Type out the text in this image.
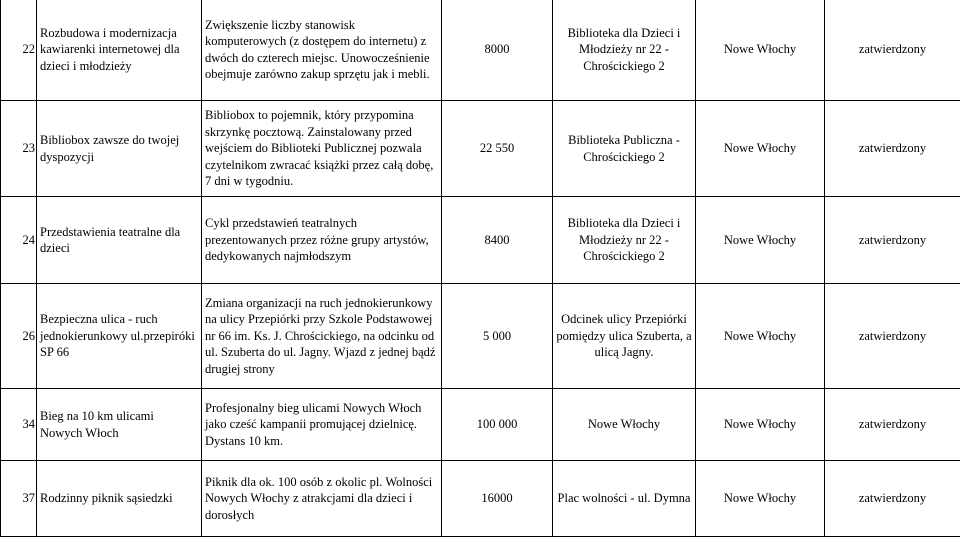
22	Rozbudowa i modernizacja kawiarenki internetowej dla dzieci i młodzieży	Zwiększenie liczby stanowisk komputerowych (z dostępem do internetu) z dwóch do czterech miejsc. Unowocześnienie obejmuje zarówno zakup sprzętu jak i mebli.	8000	Biblioteka dla Dzieci i Młodzieży nr 22 - Chrościckiego 2	Nowe Włochy	zatwierdzony
23	Bibliobox zawsze do twojej dyspozycji	Bibliobox to pojemnik, który przypomina skrzynkę pocztową. Zainstalowany przed wejściem do Biblioteki Publicznej pozwala czytelnikom zwracać książki przez całą dobę, 7 dni w tygodniu.	22 550	Biblioteka Publiczna - Chrościckiego 2	Nowe Włochy	zatwierdzony
24	Przedstawienia teatralne dla dzieci	Cykl przedstawień teatralnych prezentowanych przez różne grupy artystów, dedykowanych najmłodszym	8400	Biblioteka dla Dzieci i Młodzieży nr 22 - Chrościckiego 2	Nowe Włochy	zatwierdzony
26	Bezpieczna ulica - ruch jednokierunkowy ul.przepiróki SP 66	Zmiana organizacji na ruch jednokierunkowy na ulicy Przepiórki przy Szkole Podstawowej nr 66 im. Ks. J. Chrościckiego, na odcinku od ul. Szuberta do ul. Jagny. Wjazd z jednej bądź drugiej strony	5 000	Odcinek ulicy Przepiórki pomiędzy ulica Szuberta, a ulicą Jagny.	Nowe Włochy	zatwierdzony
34	Bieg na 10 km ulicami Nowych Włoch	Profesjonalny bieg ulicami Nowych Włoch jako cześć kampanii promującej dzielnicę. Dystans 10 km.	100 000	Nowe Włochy	Nowe Włochy	zatwierdzony
37	Rodzinny piknik sąsiedzki	Piknik dla ok. 100 osób z okolic pl. Wolności Nowych Włochy z atrakcjami dla dzieci i dorosłych	16000	Plac wolności - ul. Dymna	Nowe Włochy	zatwierdzony
